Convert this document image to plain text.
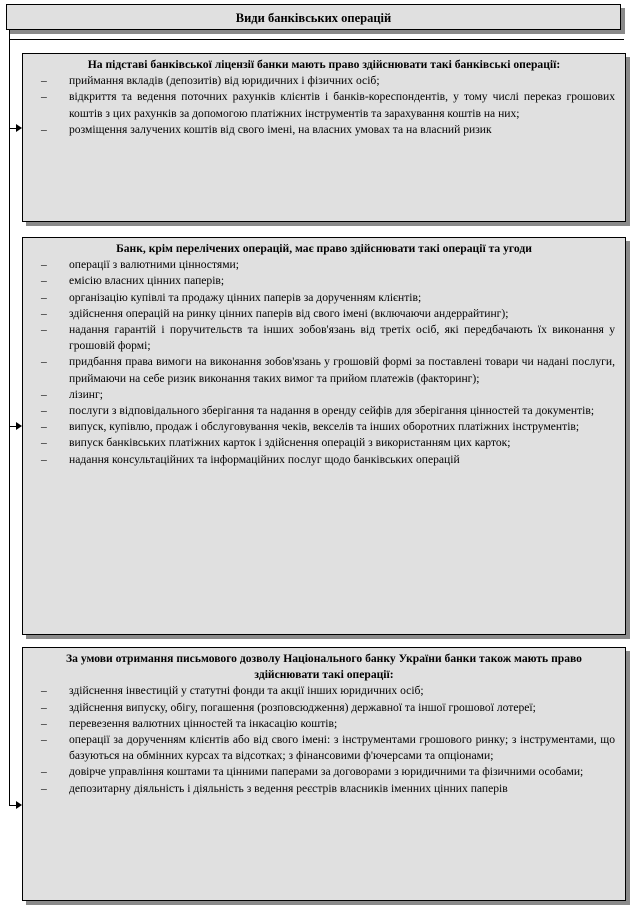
Види банківських операцій
На підставі банківської ліцензії банки мають право здійснювати такі банківські операції:
– приймання вкладів (депозитів) від юридичних і фізичних осіб;
– відкриття та ведення поточних рахунків клієнтів і банків-кореспондентів, у тому числі переказ грошових коштів з цих рахунків за допомогою платіжних інструментів та зарахування коштів на них;
– розміщення залучених коштів від свого імені, на власних умовах та на власний ризик
Банк, крім перелічених операцій, має право здійснювати такі операції та угоди
– операції з валютними цінностями;
– емісію власних цінних паперів;
– організацію купівлі та продажу цінних паперів за дорученням клієнтів;
– здійснення операцій на ринку цінних паперів від свого імені (включаючи андеррайтинг);
– надання гарантій і поручительств та інших зобов'язань від третіх осіб, які передбачають їх виконання у грошовій формі;
– придбання права вимоги на виконання зобов'язань у грошовій формі за поставлені товари чи надані послуги, приймаючи на себе ризик виконання таких вимог та прийом платежів (факторинг);
– лізинг;
– послуги з відповідального зберігання та надання в оренду сейфів для зберігання цінностей та документів;
– випуск, купівлю, продаж і обслуговування чеків, векселів та інших оборотних платіжних інструментів;
– випуск банківських платіжних карток і здійснення операцій з використанням цих карток;
– надання консультаційних та інформаційних послуг щодо банківських операцій
За умови отримання письмового дозволу Національного банку України банки також мають право здійснювати такі операції:
– здійснення інвестицій у статутні фонди та акції інших юридичних осіб;
– здійснення випуску, обігу, погашення (розповсюдження) державної та іншої грошової лотереї;
– перевезення валютних цінностей та інкасацію коштів;
– операції за дорученням клієнтів або від свого імені: з інструментами грошового ринку; з інструментами, що базуються на обмінних курсах та відсотках; з фінансовими ф'ючерсами та опціонами;
– довірче управління коштами та цінними паперами за договорами з юридичними та фізичними особами;
– депозитарну діяльність і діяльність з ведення реєстрів власників іменних цінних паперів
